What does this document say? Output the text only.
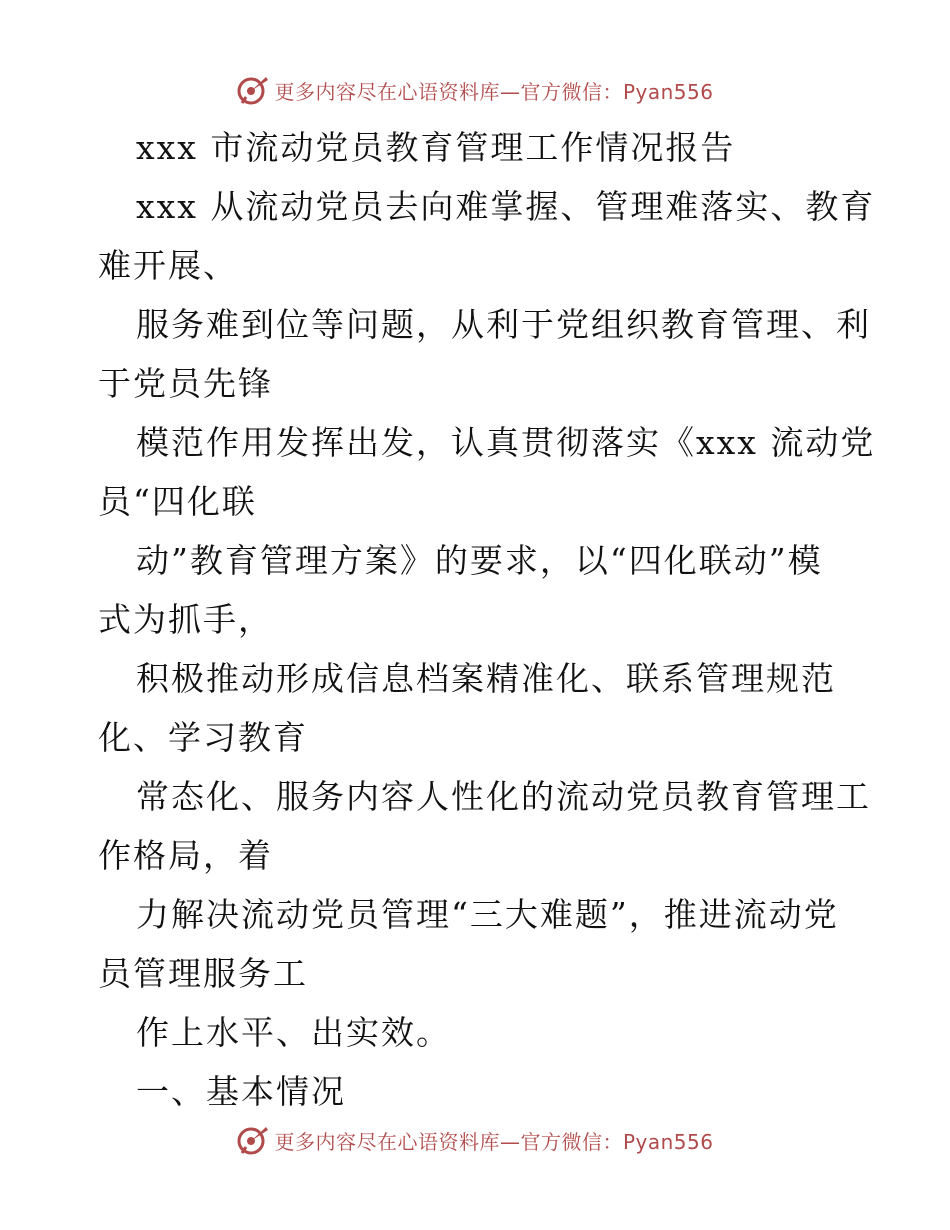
更多内容尽在心语资料库—官方微信：Pyan556
xxx 市流动党员教育管理工作情况报告
xxx 从流动党员去向难掌握、管理难落实、教育
难开展、
服务难到位等问题，从利于党组织教育管理、利
于党员先锋
模范作用发挥出发，认真贯彻落实《xxx 流动党
员“四化联
动”教育管理方案》的要求，以“四化联动”模
式为抓手，
积极推动形成信息档案精准化、联系管理规范
化、学习教育
常态化、服务内容人性化的流动党员教育管理工
作格局，着
力解决流动党员管理“三大难题”，推进流动党
员管理服务工
作上水平、出实效。
一、基本情况
更多内容尽在心语资料库—官方微信：Pyan556
